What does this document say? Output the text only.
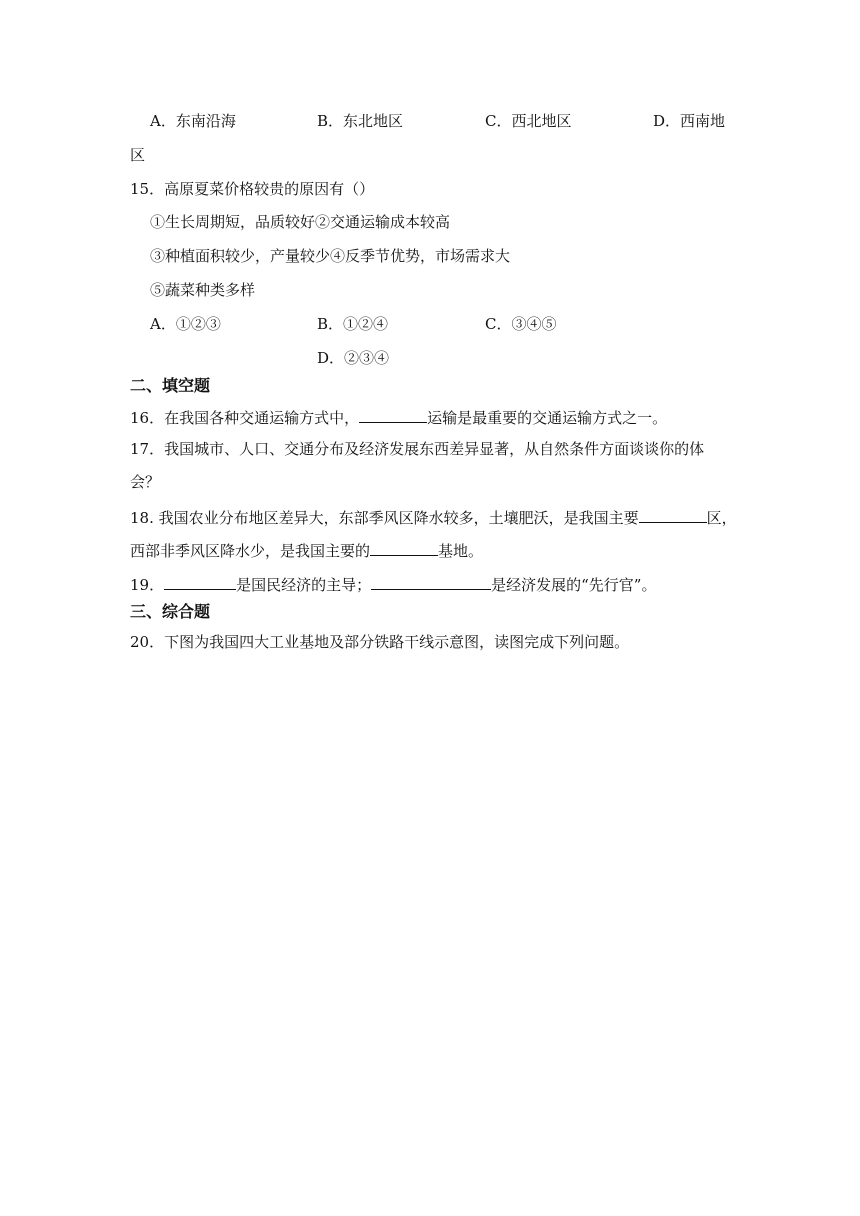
A．东南沿海	B．东北地区	C．西北地区	D．西南地
区
15．高原夏菜价格较贵的原因有（）
①生长周期短，品质较好②交通运输成本较高
③种植面积较少，产量较少④反季节优势，市场需求大
⑤蔬菜种类多样
A．①②③	B．①②④	C．③④⑤
D．②③④
二、填空题
16．在我国各种交通运输方式中，	运输是最重要的交通运输方式之一。
17．我国城市、人口、交通分布及经济发展东西差异显著，从自然条件方面谈谈你的体
会？
18. 我国农业分布地区差异大，东部季风区降水较多，土壤肥沃，是我国主要	区，
西部非季风区降水少，是我国主要的	基地。
19．	是国民经济的主导；	是经济发展的“先行官”。
三、综合题
20．下图为我国四大工业基地及部分铁路干线示意图，读图完成下列问题。
